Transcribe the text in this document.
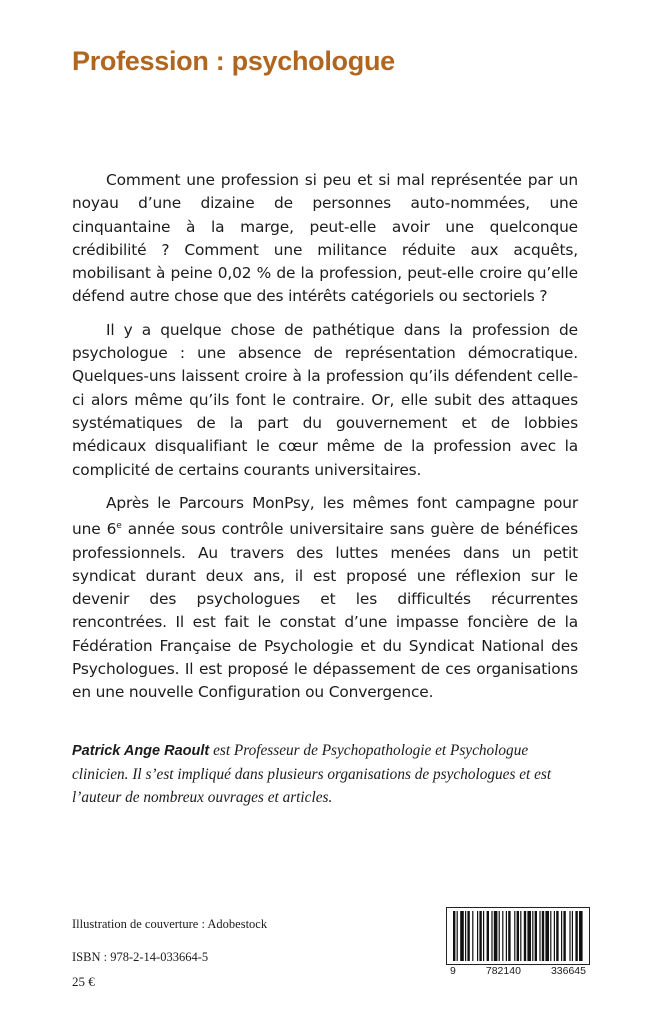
Profession : psychologue

Comment une profession si peu et si mal représentée par un noyau d’une dizaine de personnes auto-nommées, une cinquantaine à la marge, peut-elle avoir une quelconque crédibilité ? Comment une militance réduite aux acquêts, mobilisant à peine 0,02 % de la profession, peut-elle croire qu’elle défend autre chose que des intérêts catégoriels ou sectoriels ?

Il y a quelque chose de pathétique dans la profession de psychologue : une absence de représentation démocratique. Quelques-uns laissent croire à la profession qu’ils défendent celle-ci alors même qu’ils font le contraire. Or, elle subit des attaques systématiques de la part du gouvernement et de lobbies médicaux disqualifiant le cœur même de la profession avec la complicité de certains courants universitaires.

Après le Parcours MonPsy, les mêmes font campagne pour une 6e année sous contrôle universitaire sans guère de bénéfices professionnels. Au travers des luttes menées dans un petit syndicat durant deux ans, il est proposé une réflexion sur le devenir des psychologues et les difficultés récurrentes rencontrées. Il est fait le constat d’une impasse foncière de la Fédération Française de Psychologie et du Syndicat National des Psychologues. Il est proposé le dépassement de ces organisations en une nouvelle Configuration ou Convergence.

Patrick Ange Raoult est Professeur de Psychopathologie et Psychologue clinicien. Il s’est impliqué dans plusieurs organisations de psychologues et est l’auteur de nombreux ouvrages et articles.
Illustration de couverture : Adobestock
ISBN : 978-2-14-033664-5
25 €
9	782140	336645
